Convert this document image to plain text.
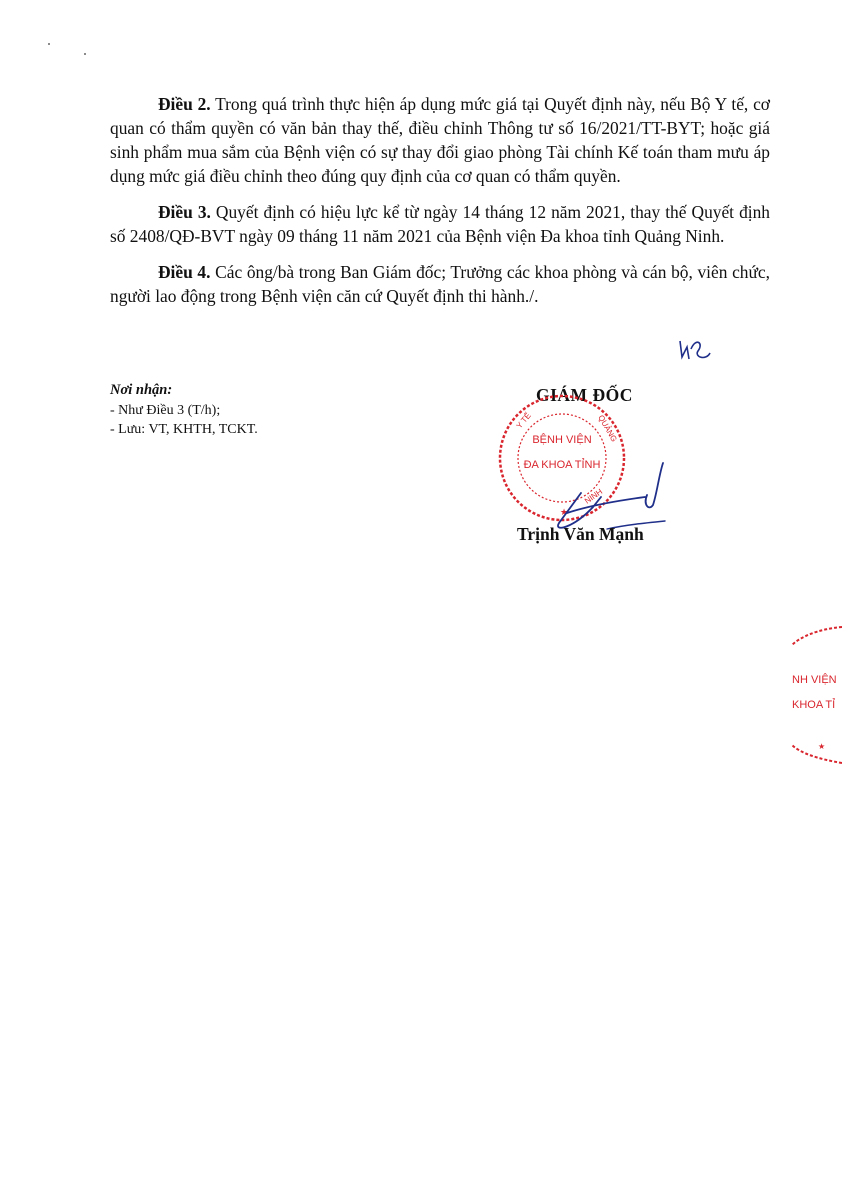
Điều 2. Trong quá trình thực hiện áp dụng mức giá tại Quyết định này, nếu Bộ Y tế, cơ quan có thẩm quyền có văn bản thay thế, điều chỉnh Thông tư số 16/2021/TT-BYT; hoặc giá sinh phẩm mua sắm của Bệnh viện có sự thay đổi giao phòng Tài chính Kế toán tham mưu áp dụng mức giá điều chỉnh theo đúng quy định của cơ quan có thẩm quyền.

Điều 3. Quyết định có hiệu lực kể từ ngày 14 tháng 12 năm 2021, thay thế Quyết định số 2408/QĐ-BVT ngày 09 tháng 11 năm 2021 của Bệnh viện Đa khoa tỉnh Quảng Ninh.

Điều 4. Các ông/bà trong Ban Giám đốc; Trưởng các khoa phòng và cán bộ, viên chức, người lao động trong Bệnh viện căn cứ Quyết định thi hành./.

Nơi nhận:
- Như Điều 3 (T/h);
- Lưu: VT, KHTH, TCKT.
GIÁM ĐỐC
Y TẾ	QUẢNG
NINH
BỆNH VIỆN
ĐA KHOA TỈNH
★
Trịnh Văn Mạnh
NH VIỆN
KHOA TỈ
★
